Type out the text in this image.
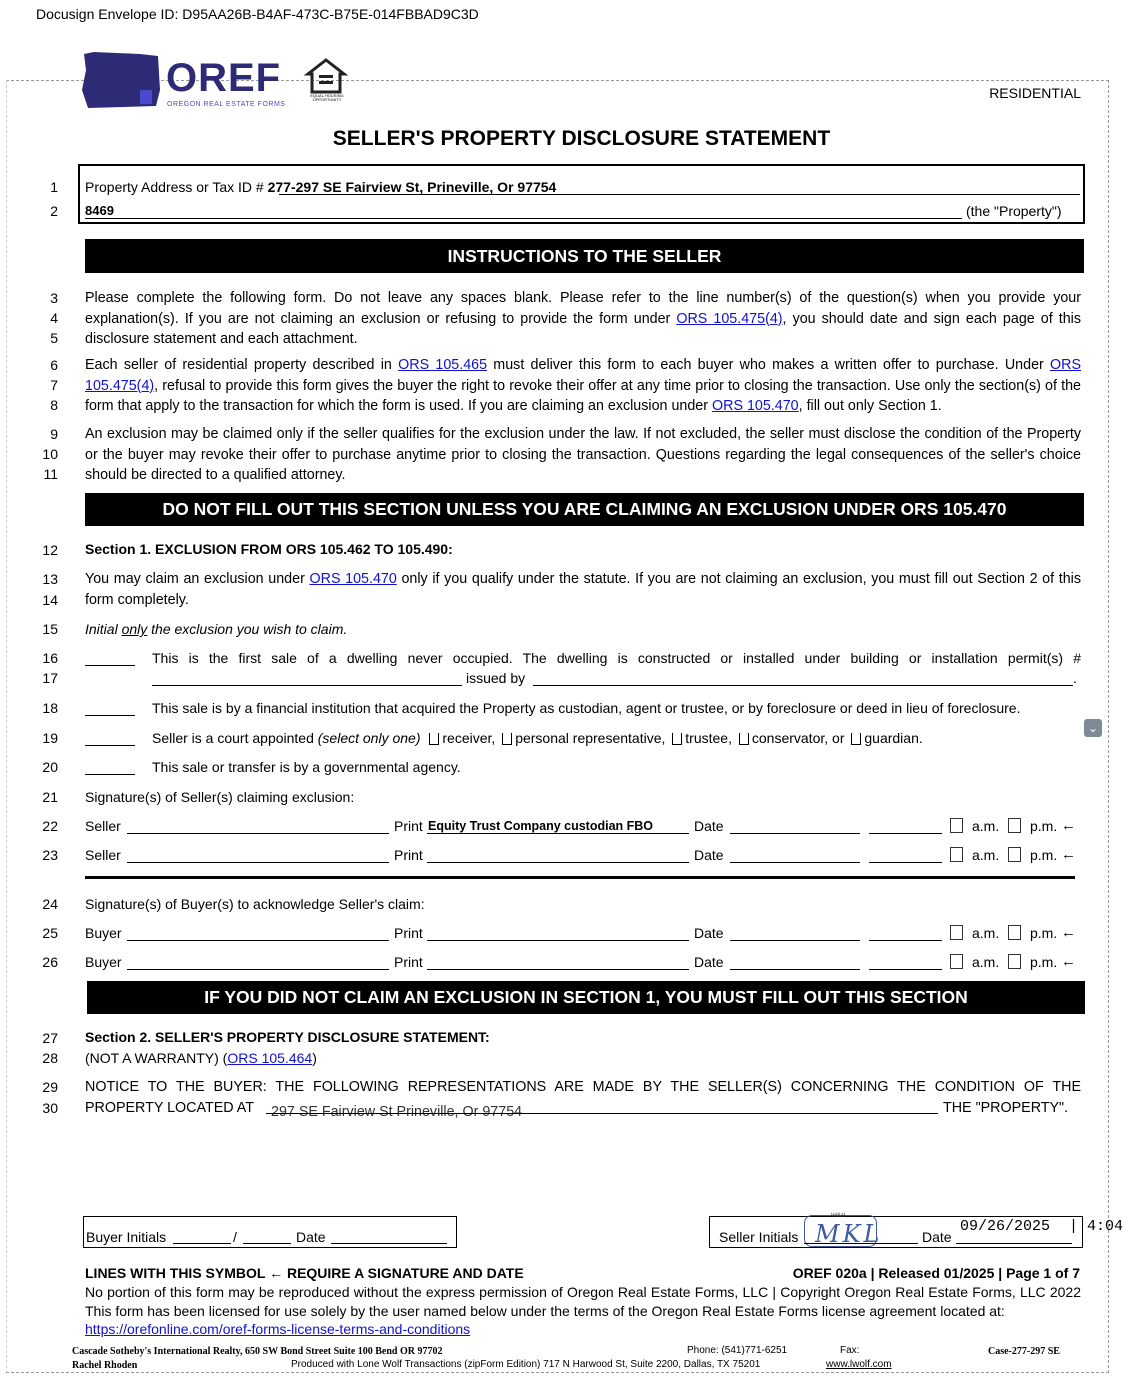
Docusign Envelope ID: D95AA26B-B4AF-473C-B75E-014FBBAD9C3D
OREF
OREGON REAL ESTATE FORMS
EQUAL HOUSING OPPORTUNITY	RESIDENTIAL
SELLER'S PROPERTY DISCLOSURE STATEMENT
1
2
Property Address or Tax ID # 277-297 SE Fairview St, Prineville, Or 97754
8469	(the "Property")
INSTRUCTIONS TO THE SELLER
3
4
5
Please complete the following form. Do not leave any spaces blank. Please refer to the line number(s) of the question(s) when you provide your explanation(s). If you are not claiming an exclusion or refusing to provide the form under ORS 105.475(4), you should date and sign each page of this disclosure statement and each attachment.
6
7
8
Each seller of residential property described in ORS 105.465 must deliver this form to each buyer who makes a written offer to purchase. Under ORS 105.475(4), refusal to provide this form gives the buyer the right to revoke their offer at any time prior to closing the transaction. Use only the section(s) of the form that apply to the transaction for which the form is used. If you are claiming an exclusion under ORS 105.470, fill out only Section 1.
9
10
11
An exclusion may be claimed only if the seller qualifies for the exclusion under the law. If not excluded, the seller must disclose the condition of the Property or the buyer may revoke their offer to purchase anytime prior to closing the transaction. Questions regarding the legal consequences of the seller's choice should be directed to a qualified attorney.
DO NOT FILL OUT THIS SECTION UNLESS YOU ARE CLAIMING AN EXCLUSION UNDER ORS 105.470
12 Section 1. EXCLUSION FROM ORS 105.462 TO 105.490:
13
14
You may claim an exclusion under ORS 105.470 only if you qualify under the statute. If you are not claiming an exclusion, you must fill out Section 2 of this form completely.
15 Initial only the exclusion you wish to claim.
16
17
This is the first sale of a dwelling never occupied. The dwelling is constructed or installed under building or installation permit(s) #
issued by	.
18	This sale is by a financial institution that acquired the Property as custodian, agent or trustee, or by foreclosure or deed in lieu of foreclosure.
19	Seller is a court appointed (select only one) receiver, personal representative, trustee, conservator, or guardian.
⌄
20	This sale or transfer is by a governmental agency.
21 Signature(s) of Seller(s) claiming exclusion:
22 Seller	Print Equity Trust Company custodian FBO	Date	a.m. p.m. ←
23 Seller	Print	Date	a.m. p.m. ←
25 Buyer	Print	Date	a.m. p.m. ←
26 Buyer	Print	Date	a.m. p.m. ←
24 Signature(s) of Buyer(s) to acknowledge Seller's claim:
IF YOU DID NOT CLAIM AN EXCLUSION IN SECTION 1, YOU MUST FILL OUT THIS SECTION
27 Section 2. SELLER'S PROPERTY DISCLOSURE STATEMENT:
28 (NOT A WARRANTY) (ORS 105.464)
29 NOTICE TO THE BUYER: THE FOLLOWING REPRESENTATIONS ARE MADE BY THE SELLER(S) CONCERNING THE CONDITION OF THE
30 PROPERTY LOCATED AT 297 SE Fairview St Prineville, Or 97754	THE "PROPERTY".
Buyer Initials	/	Date	Seller Initials
Initial
MKL	Date
09/26/2025 | 4:04
LINES WITH THIS SYMBOL ← REQUIRE A SIGNATURE AND DATE	OREF 020a | Released 01/2025 | Page 1 of 7
No portion of this form may be reproduced without the express permission of Oregon Real Estate Forms, LLC | Copyright Oregon Real Estate Forms, LLC 2022 This form has been licensed for use solely by the user named below under the terms of the Oregon Real Estate Forms license agreement located at:
https://orefonline.com/oref-forms-license-terms-and-conditions
Cascade Sotheby's International Realty, 650 SW Bond Street Suite 100 Bend OR 97702
Rachel Rhoden
Phone: (541)771-6251	Fax:	Case-277-297 SE
Produced with Lone Wolf Transactions (zipForm Edition) 717 N Harwood St, Suite 2200, Dallas, TX 75201	www.lwolf.com
